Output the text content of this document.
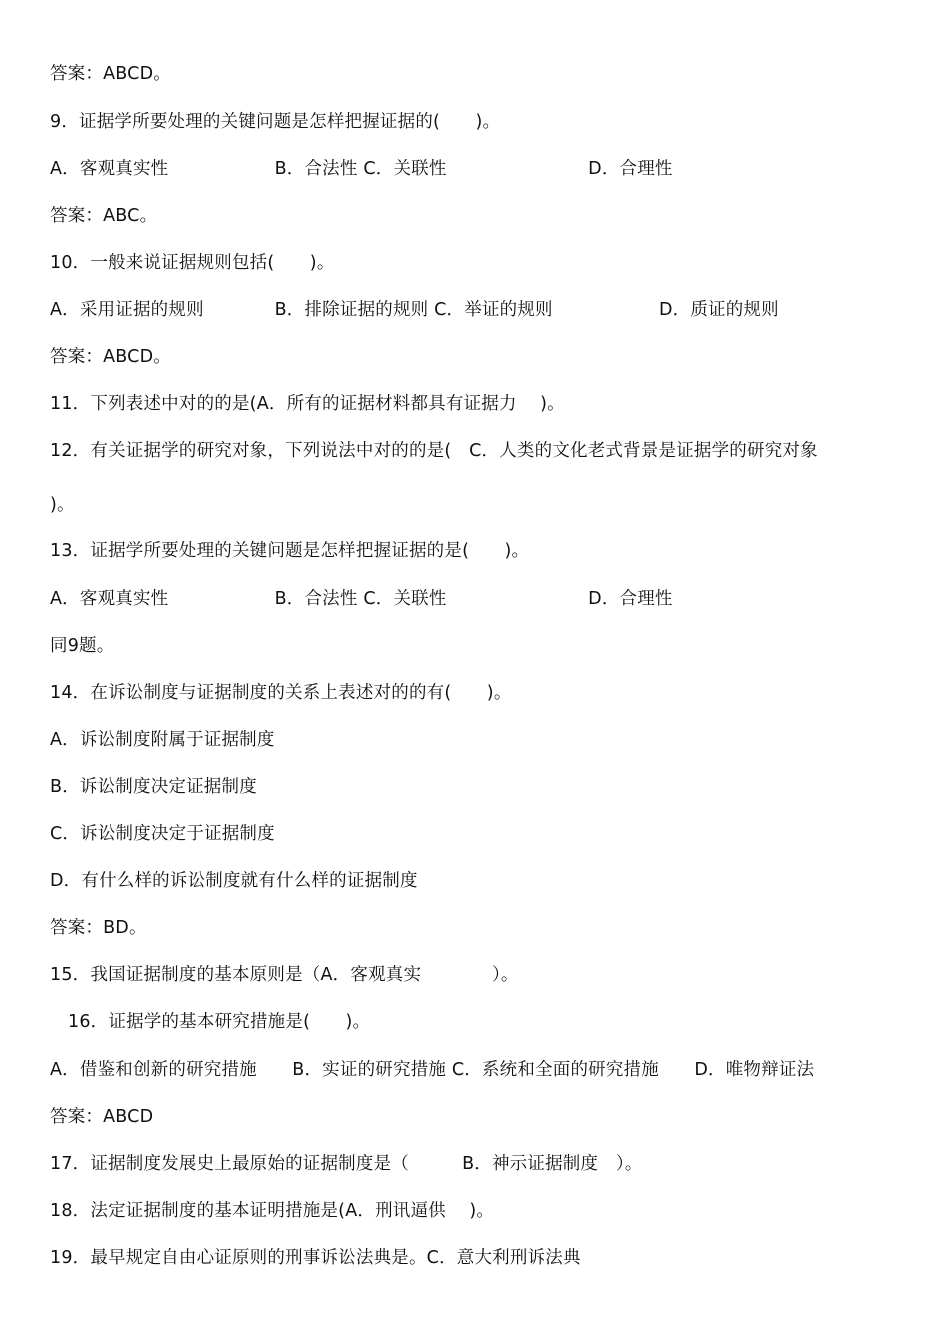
答案：ABCD。
9．证据学所要处理的关键问题是怎样把握证据的(　　)。
A．客观真实性　　　　　　B．合法性 C．关联性　　　　　　　　D．合理性
答案：ABC。
10．一般来说证据规则包括(　　)。
A．采用证据的规则　　　　B．排除证据的规则 C．举证的规则　　　　　　D．质证的规则
答案：ABCD。
11．下列表述中对的的是(A．所有的证据材料都具有证据力　 )。
12．有关证据学的研究对象，下列说法中对的的是(　C．人类的文化老式背景是证据学的研究对象
)。
13．证据学所要处理的关键问题是怎样把握证据的是(　　)。
A．客观真实性　　　　　　B．合法性 C．关联性　　　　　　　　D．合理性
同9题。
14．在诉讼制度与证据制度的关系上表述对的的有(　　)。
A．诉讼制度附属于证据制度
B．诉讼制度决定证据制度
C．诉讼制度决定于证据制度
D．有什么样的诉讼制度就有什么样的证据制度
答案：BD。
15．我国证据制度的基本原则是（A．客观真实　　　　）。
16．证据学的基本研究措施是(　　)。
A．借鉴和创新的研究措施　　B．实证的研究措施 C．系统和全面的研究措施　　D．唯物辩证法
答案：ABCD
17．证据制度发展史上最原始的证据制度是（　　　B．神示证据制度　）。
18．法定证据制度的基本证明措施是(A．刑讯逼供　 )。
19．最早规定自由心证原则的刑事诉讼法典是。C．意大利刑诉法典
